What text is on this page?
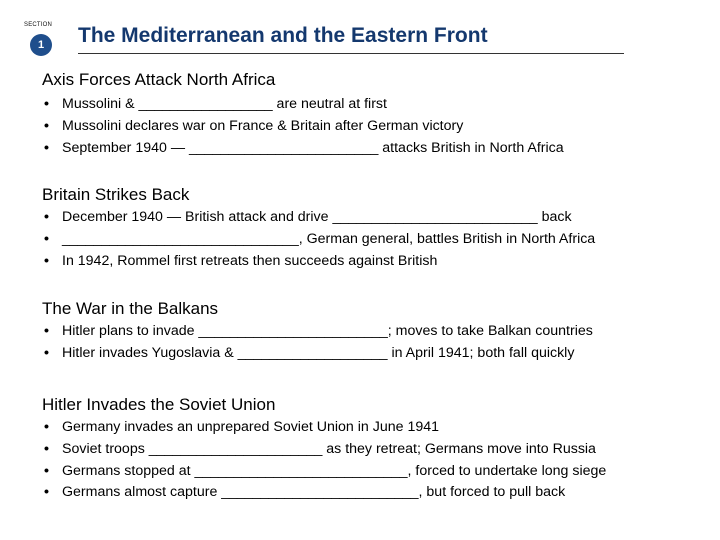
SECTION
1	The Mediterranean and the Eastern Front
Axis Forces Attack North Africa
• Mussolini & _________________ are neutral at first
• Mussolini declares war on France & Britain after German victory
• September 1940 — ________________________ attacks British in North Africa
Britain Strikes Back
• December 1940 — British attack and drive __________________________ back
• ______________________________, German general, battles British in North Africa
• In 1942, Rommel first retreats then succeeds against British
The War in the Balkans
• Hitler plans to invade ________________________; moves to take Balkan countries
• Hitler invades Yugoslavia & ___________________ in April 1941; both fall quickly
Hitler Invades the Soviet Union
• Germany invades an unprepared Soviet Union in June 1941
• Soviet troops ______________________ as they retreat; Germans move into Russia
• Germans stopped at ___________________________, forced to undertake long siege
• Germans almost capture _________________________, but forced to pull back
